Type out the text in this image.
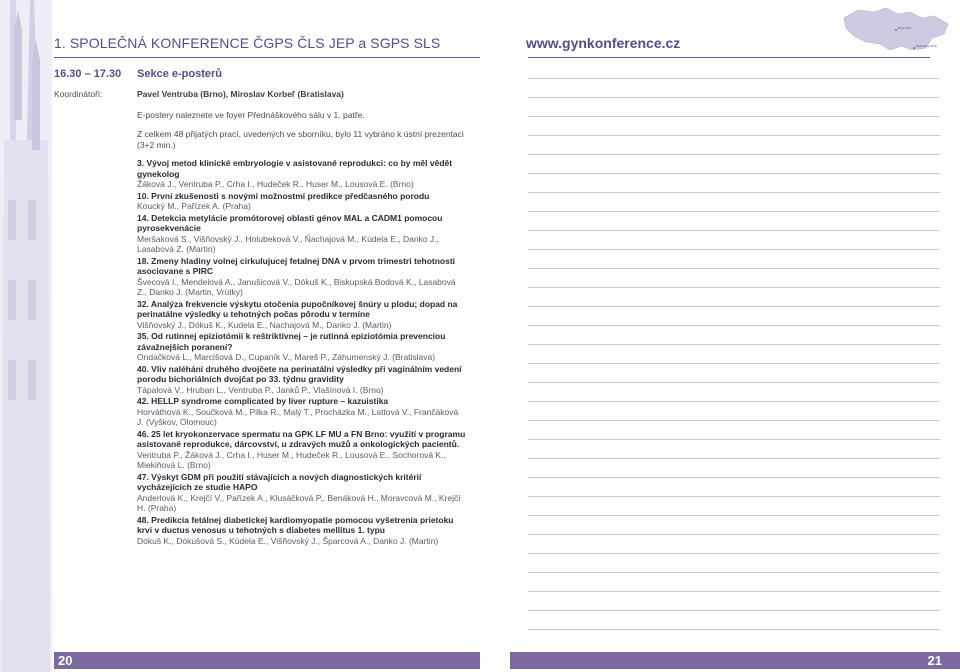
1. SPOLEČNÁ KONFERENCE ČGPS ČLS JEP a SGPS SLS
16.30 – 17.30 Sekce e-posterů
Koordinátoři:	Pavel Ventruba (Brno), Miroslav Korbeľ (Bratislava)
E-postery naleznete ve foyer Přednáškového sálu v 1. patře.
Z celkem 48 přijatých prací, uvedených ve sborníku, bylo 11 vybráno k ústní prezentaci (3+2 min.)
3. Vývoj metod klinické embryologie v asistované reprodukci: co by měl vědět gynekolog
Žáková J., Ventruba P., Crha I., Hudeček R., Huser M., Lousová E. (Brno)
10. První zkušenosti s novými možnostmi predikce předčasného porodu
Koucký M., Pařízek A. (Praha)
14. Detekcia metylácie promótorovej oblasti génov MAL a CADM1 pomocou pyrosekvenácie
Meršaková S., Višňovský J., Holubeková V., Ňachajová M., Kúdela E., Danko J., Lasabová Z. (Martin)
18. Zmeny hladiny volnej cirkulujucej fetalnej DNA v prvom trimestri tehotnosti asociovane s PIRC
Švecová I., Mendelová A., Janušicová V., Dókuš K., Biskupská Bodová K., Lasabová Z., Danko J. (Martin, Vrútky)
32. Analýza frekvencie výskytu otočenia pupočníkovej šnúry u plodu; dopad na perinatálne výsledky u tehotných počas pôrodu v termíne
Višňovský J., Dókuš K., Kudela E., Nachajová M., Danko J. (Martin)
35. Od rutinnej epiziotómii k reštriktívnej – je rutinná epiziotómia prevenciou závažnejších poranení?
Ondačková L., Marcišová D., Cupaník V., Mareš P., Záhumenský J. (Bratislava)
40. Vliv naléhání druhého dvojčete na perinatální výsledky při vaginálním vedení porodu bichoriálních dvojčat po 33. týdnu gravidity
Tápalová V., Hruban L., Ventruba P., Janků P., Vlašínová I. (Brno)
42. HELLP syndrome complicated by liver rupture – kazuistika
Horváthová K., Součková M., Pilka R., Malý T., Procházka M., Lattová V., Frančáková J. (Vyškov, Olomouc)
46. 25 let kryokonzervace spermatu na GPK LF MU a FN Brno: využití v programu asistované reprodukce, dárcovství, u zdravých mužů a onkologických pacientů.
Ventruba P., Žáková J., Crha I., Huser M., Hudeček R., Lousová E., Sochorová K., Miekiňová L. (Brno)
47. Výskyt GDM při použití stávajících a nových diagnostických kritérií vycházejících ze studie HAPO
Anderlová K., Krejčí V., Pařízek A., Klusáčková P., Benáková H., Moravcová M., Krejčí H. (Praha)
48. Predikcia fetálnej diabetickej kardiomyopatie pomocou vyšetrenia prietoku krvi v ductus venosus u tehotných s diabetes mellitus 1. typu
Dókuš K., Dókušová S., Kúdela E., Višňovský J., Šparcová A., Danko J. (Martin)
20
www.gynkonference.cz
Brno 2011
Bratislava 2013
21
